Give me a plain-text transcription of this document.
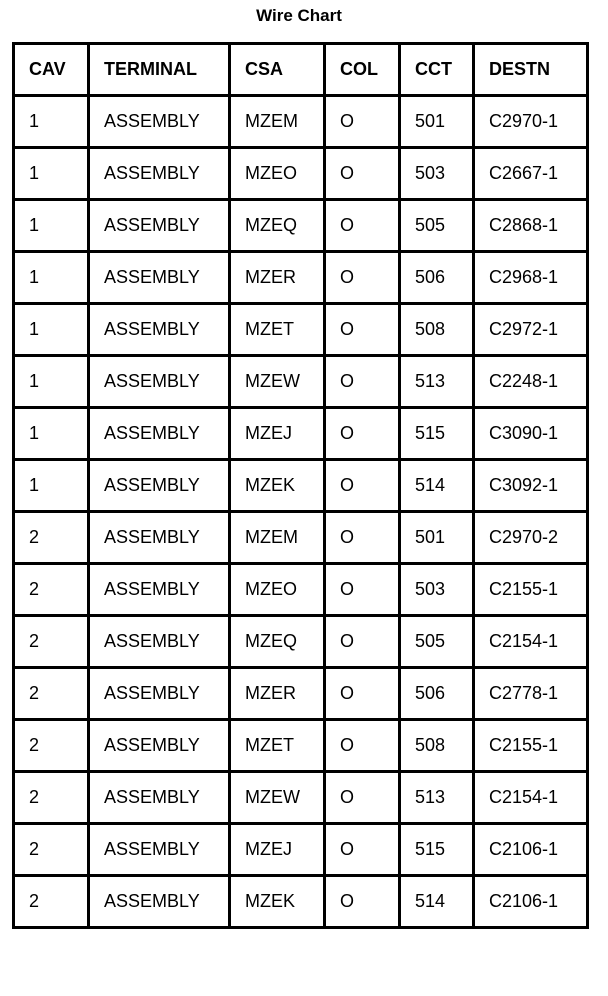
Wire Chart
CAV	TERMINAL	CSA	COL	CCT	DESTN
1	ASSEMBLY	MZEM	O	501	C2970-1
1	ASSEMBLY	MZEO	O	503	C2667-1
1	ASSEMBLY	MZEQ	O	505	C2868-1
1	ASSEMBLY	MZER	O	506	C2968-1
1	ASSEMBLY	MZET	O	508	C2972-1
1	ASSEMBLY	MZEW	O	513	C2248-1
1	ASSEMBLY	MZEJ	O	515	C3090-1
1	ASSEMBLY	MZEK	O	514	C3092-1
2	ASSEMBLY	MZEM	O	501	C2970-2
2	ASSEMBLY	MZEO	O	503	C2155-1
2	ASSEMBLY	MZEQ	O	505	C2154-1
2	ASSEMBLY	MZER	O	506	C2778-1
2	ASSEMBLY	MZET	O	508	C2155-1
2	ASSEMBLY	MZEW	O	513	C2154-1
2	ASSEMBLY	MZEJ	O	515	C2106-1
2	ASSEMBLY	MZEK	O	514	C2106-1
